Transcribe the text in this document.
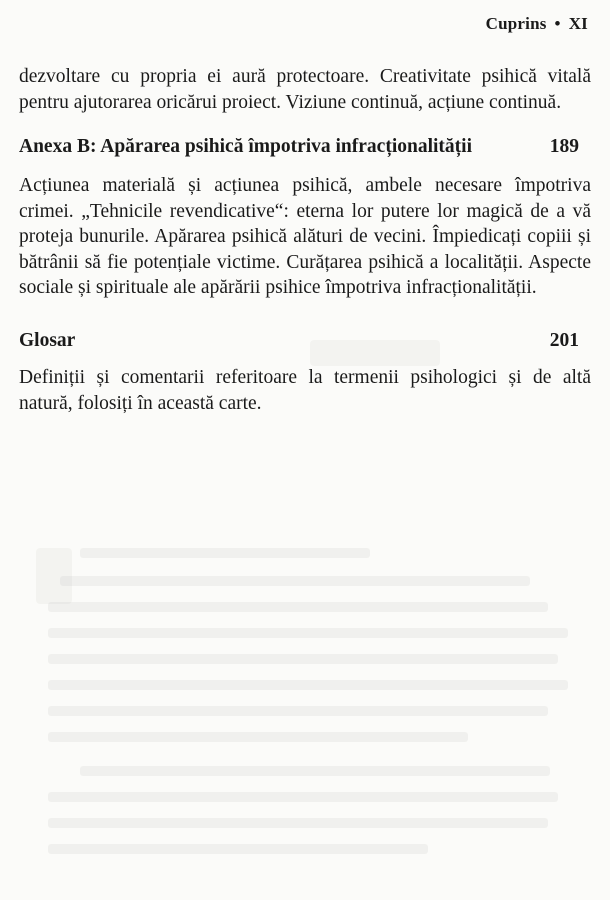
Cuprins • XI

dezvoltare cu propria ei aură protectoare. Creativitate psihică vitală
pentru ajutorarea oricărui proiect. Viziune continuă, acțiune continuă.

Anexa B: Apărarea psihică împotriva infracționalității	189

Acțiunea materială și acțiunea psihică, ambele necesare împotriva
crimei. „Tehnicile revendicative“: eterna lor putere lor magică de a vă
proteja bunurile. Apărarea psihică alături de vecini. Împiedicați copiii și
bătrânii să fie potențiale victime. Curățarea psihică a localității. Aspecte
sociale și spirituale ale apărării psihice împotriva infracționalității.

Glosar	201

Definiții și comentarii referitoare la termenii psihologici și de altă
natură, folosiți în această carte.
